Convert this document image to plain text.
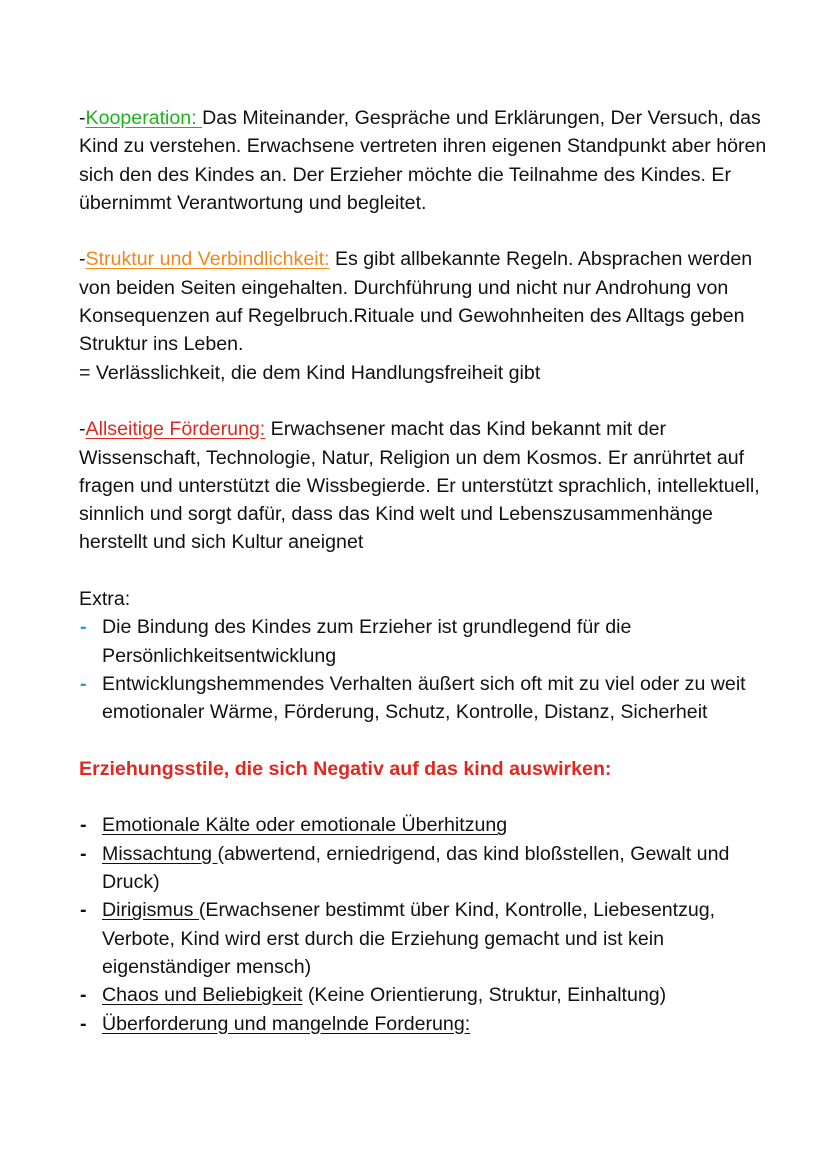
-Kooperation: Das Miteinander, Gespräche und Erklärungen, Der Versuch, das Kind zu verstehen. Erwachsene vertreten ihren eigenen Standpunkt aber hören sich den des Kindes an. Der Erzieher möchte die Teilnahme des Kindes. Er übernimmt Verantwortung und begleitet.

-Struktur und Verbindlichkeit: Es gibt allbekannte Regeln. Absprachen werden von beiden Seiten eingehalten. Durchführung und nicht nur Androhung von Konsequenzen auf Regelbruch.Rituale und Gewohnheiten des Alltags geben Struktur ins Leben.
= Verlässlichkeit, die dem Kind Handlungsfreiheit gibt

-Allseitige Förderung: Erwachsener macht das Kind bekannt mit der Wissenschaft, Technologie, Natur, Religion un dem Kosmos. Er anrührtet auf fragen und unterstützt die Wissbegierde. Er unterstützt sprachlich, intellektuell, sinnlich und sorgt dafür, dass das Kind welt und Lebenszusammenhänge herstellt und sich Kultur aneignet

Extra:

- Die Bindung des Kindes zum Erzieher ist grundlegend für die Persönlichkeitsentwicklung
- Entwicklungshemmendes Verhalten äußert sich oft mit zu viel oder zu weit emotionaler Wärme, Förderung, Schutz, Kontrolle, Distanz, Sicherheit

Erziehungsstile, die sich Negativ auf das kind auswirken:

- Emotionale Kälte oder emotionale Überhitzung
- Missachtung (abwertend, erniedrigend, das kind bloßstellen, Gewalt und Druck)
- Dirigismus (Erwachsener bestimmt über Kind, Kontrolle, Liebesentzug, Verbote, Kind wird erst durch die Erziehung gemacht und ist kein eigenständiger mensch)
- Chaos und Beliebigkeit (Keine Orientierung, Struktur, Einhaltung)
- Überforderung und mangelnde Forderung:
